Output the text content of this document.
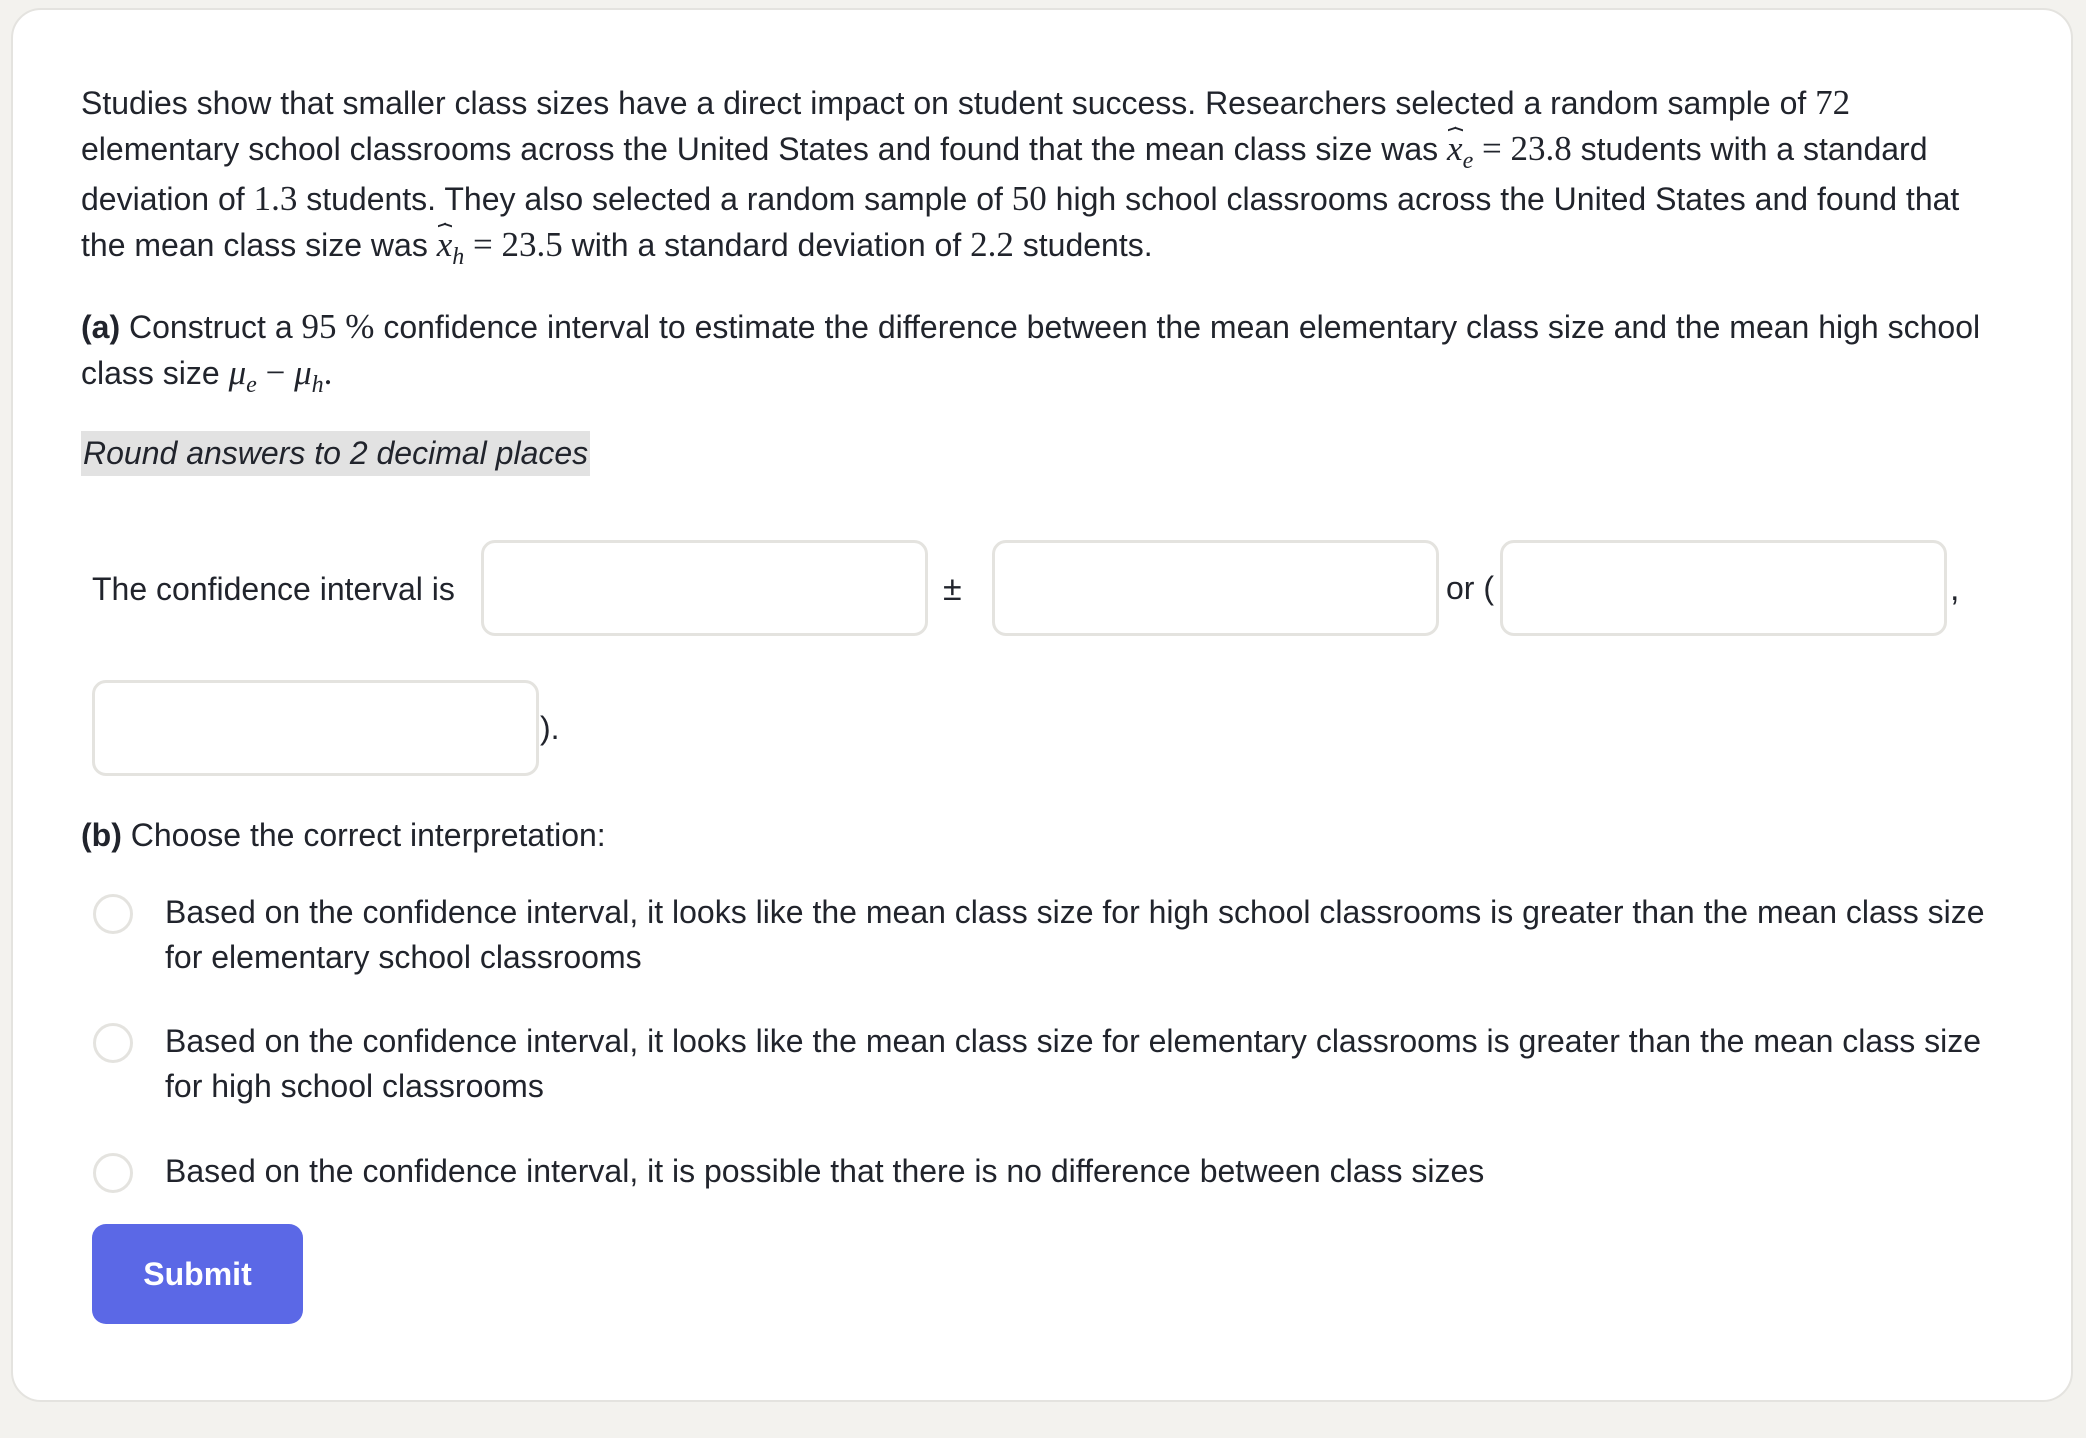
Studies show that smaller class sizes have a direct impact on student success. Researchers selected a random sample of 72 elementary school classrooms across the United States and found that the mean class size was $x_e = 23.8$ students with a standard deviation of 1.3 students. They also selected a random sample of 50 high school classrooms across the United States and found that the mean class size was $x_h = 23.5$ with a standard deviation of 2.2 students.

(a) Construct a 95 % confidence interval to estimate the difference between the mean elementary class size and the mean high school class size $\mu_e - \mu_h$.

Round answers to 2 decimal places
The confidence interval is	±	or (	,
).
(b) Choose the correct interpretation:
Based on the confidence interval, it looks like the mean class size for high school classrooms is greater than the mean class size for elementary school classrooms
Based on the confidence interval, it looks like the mean class size for elementary classrooms is greater than the mean class size for high school classrooms
Based on the confidence interval, it is possible that there is no difference between class sizes
Submit
